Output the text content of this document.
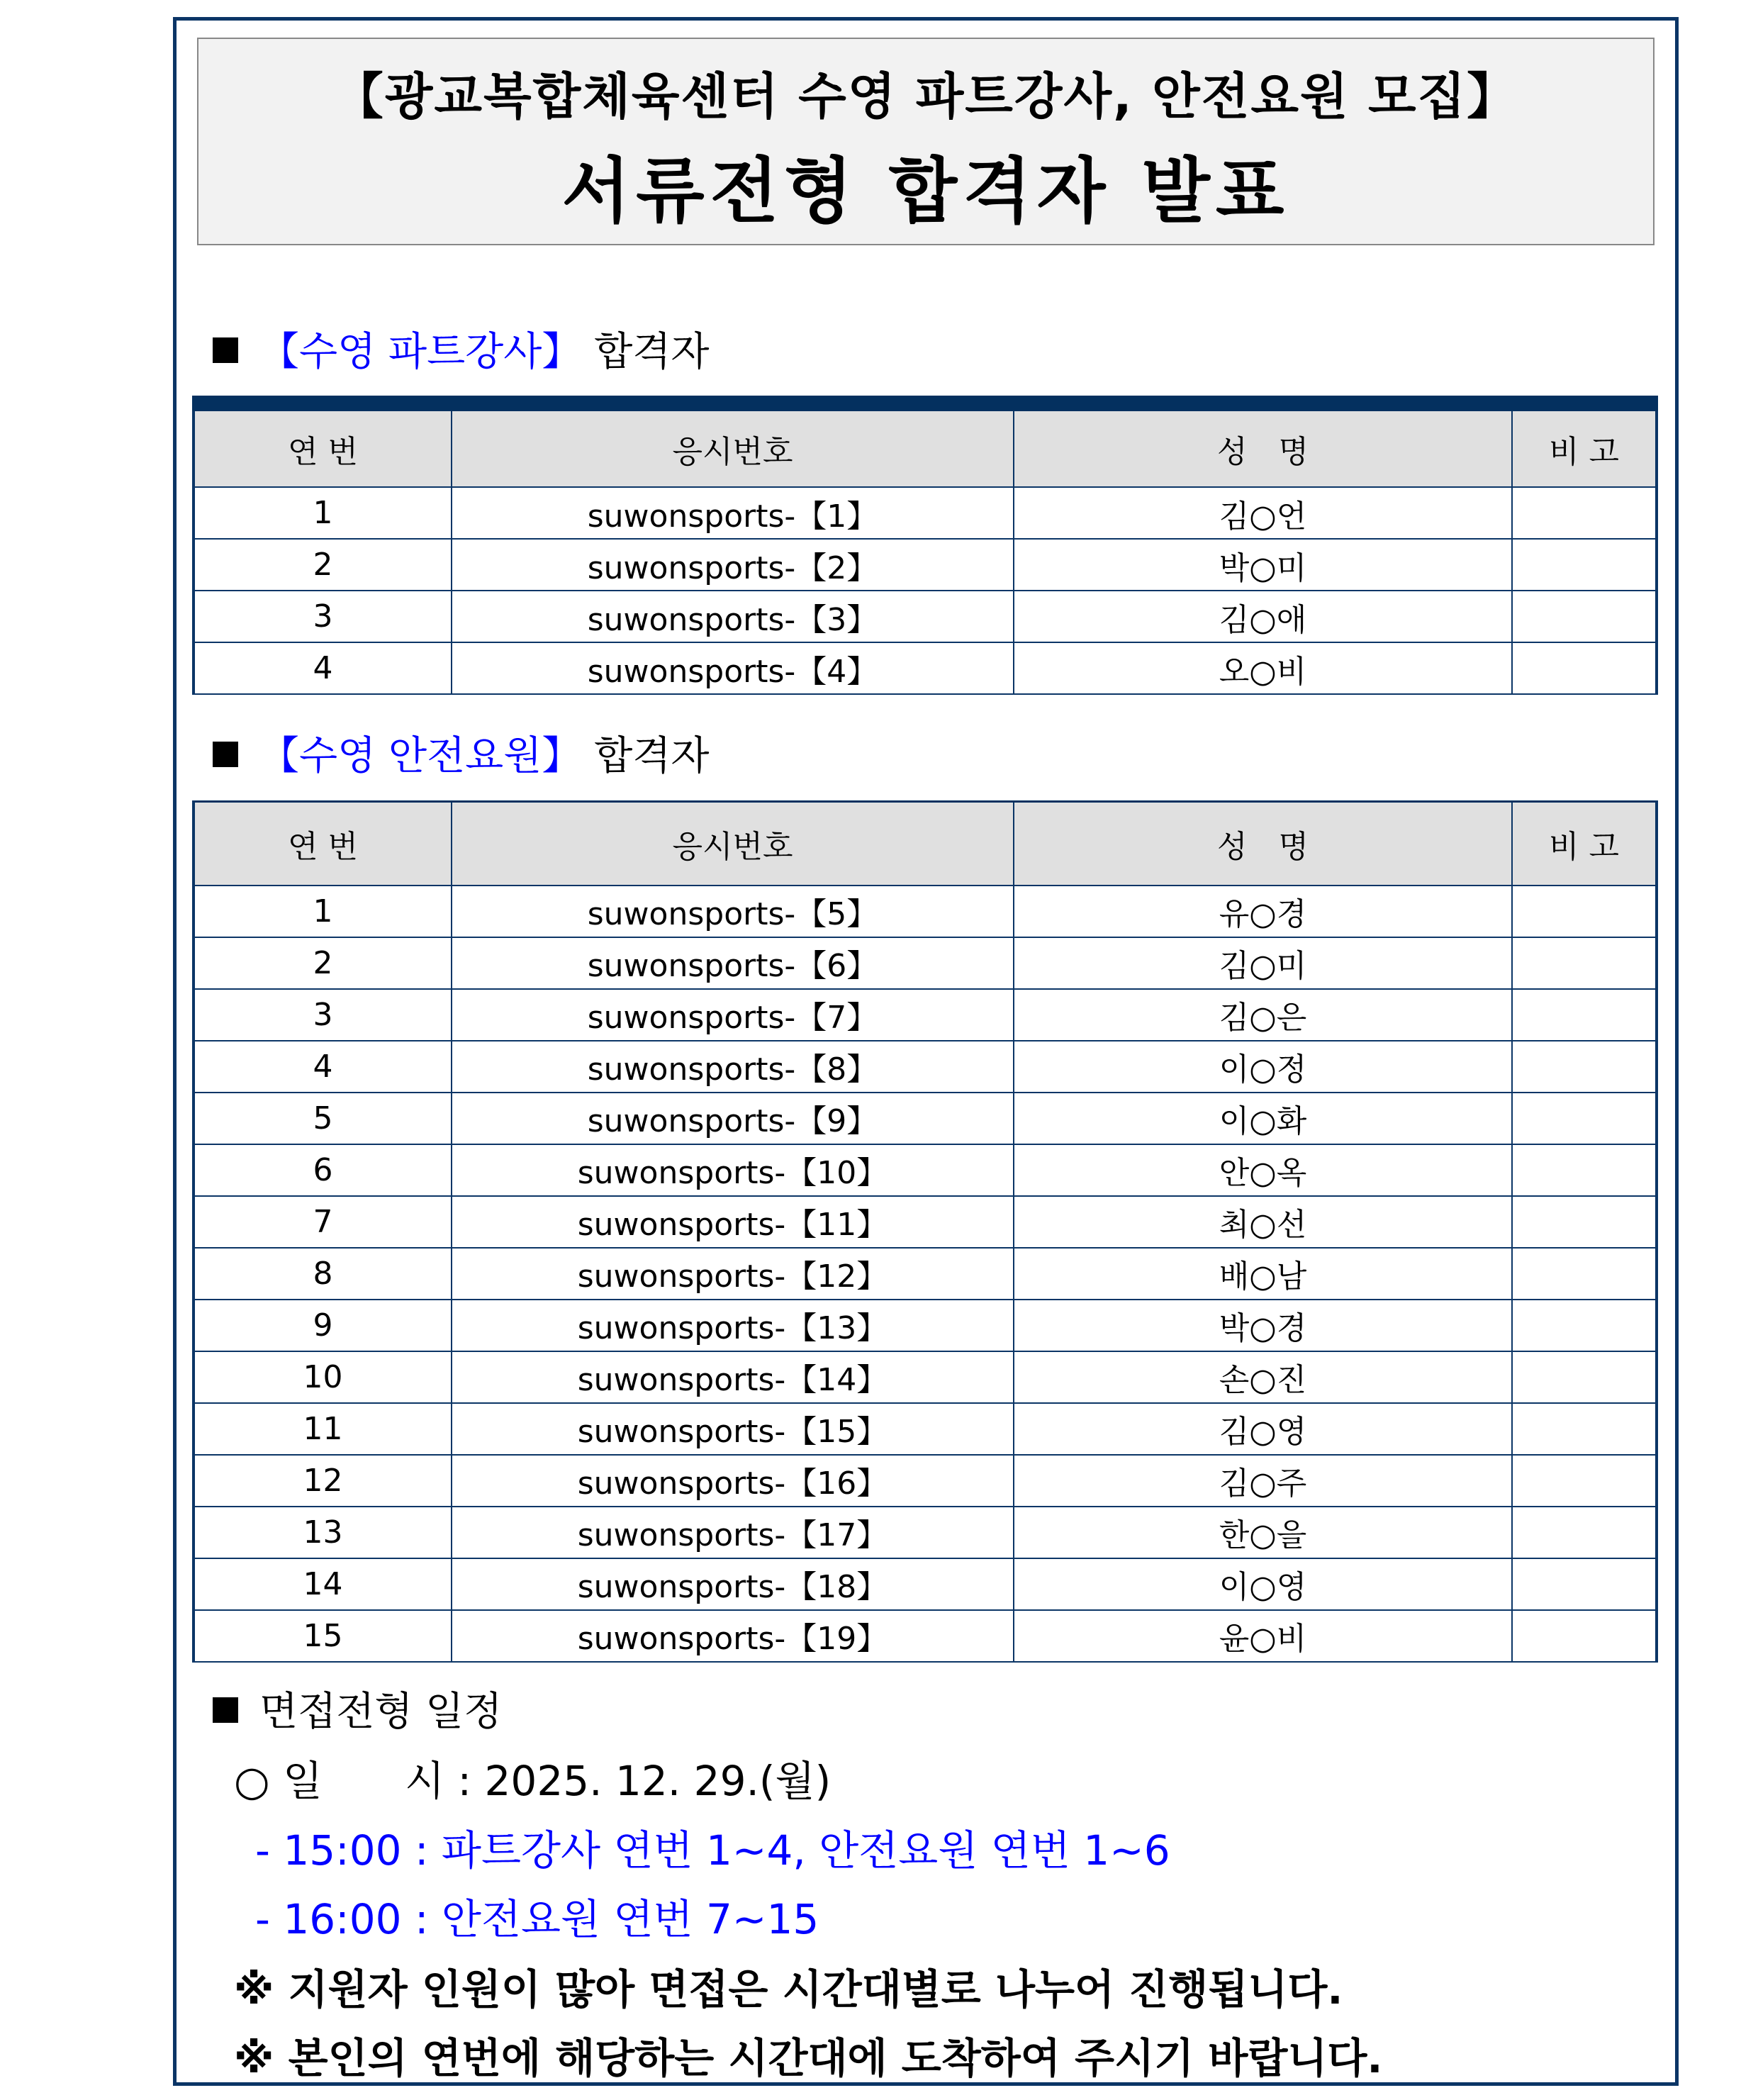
【광교복합체육센터 수영 파트강사, 안전요원 모집】
서류전형 합격자 발표
【수영 파트강사】 합격자
연 번	응시번호	성　명	비 고
1	suwonsports-【1】	김○언	
2	suwonsports-【2】	박○미	
3	suwonsports-【3】	김○애	
4	suwonsports-【4】	오○비	
【수영 안전요원】 합격자
연 번	응시번호	성　명	비 고
1	suwonsports-【5】	유○경	
2	suwonsports-【6】	김○미	
3	suwonsports-【7】	김○은	
4	suwonsports-【8】	이○정	
5	suwonsports-【9】	이○화	
6	suwonsports-【10】	안○옥	
7	suwonsports-【11】	최○선	
8	suwonsports-【12】	배○남	
9	suwonsports-【13】	박○경	
10	suwonsports-【14】	손○진	
11	suwonsports-【15】	김○영	
12	suwonsports-【16】	김○주	
13	suwonsports-【17】	한○을	
14	suwonsports-【18】	이○영	
15	suwonsports-【19】	윤○비	
면접전형 일정
○ 일　　시 : 2025. 12. 29.(월)
- 15:00 : 파트강사 연번 1~4, 안전요원 연번 1~6
- 16:00 : 안전요원 연번 7~15
※ 지원자 인원이 많아 면접은 시간대별로 나누어 진행됩니다.
※ 본인의 연번에 해당하는 시간대에 도착하여 주시기 바랍니다.
